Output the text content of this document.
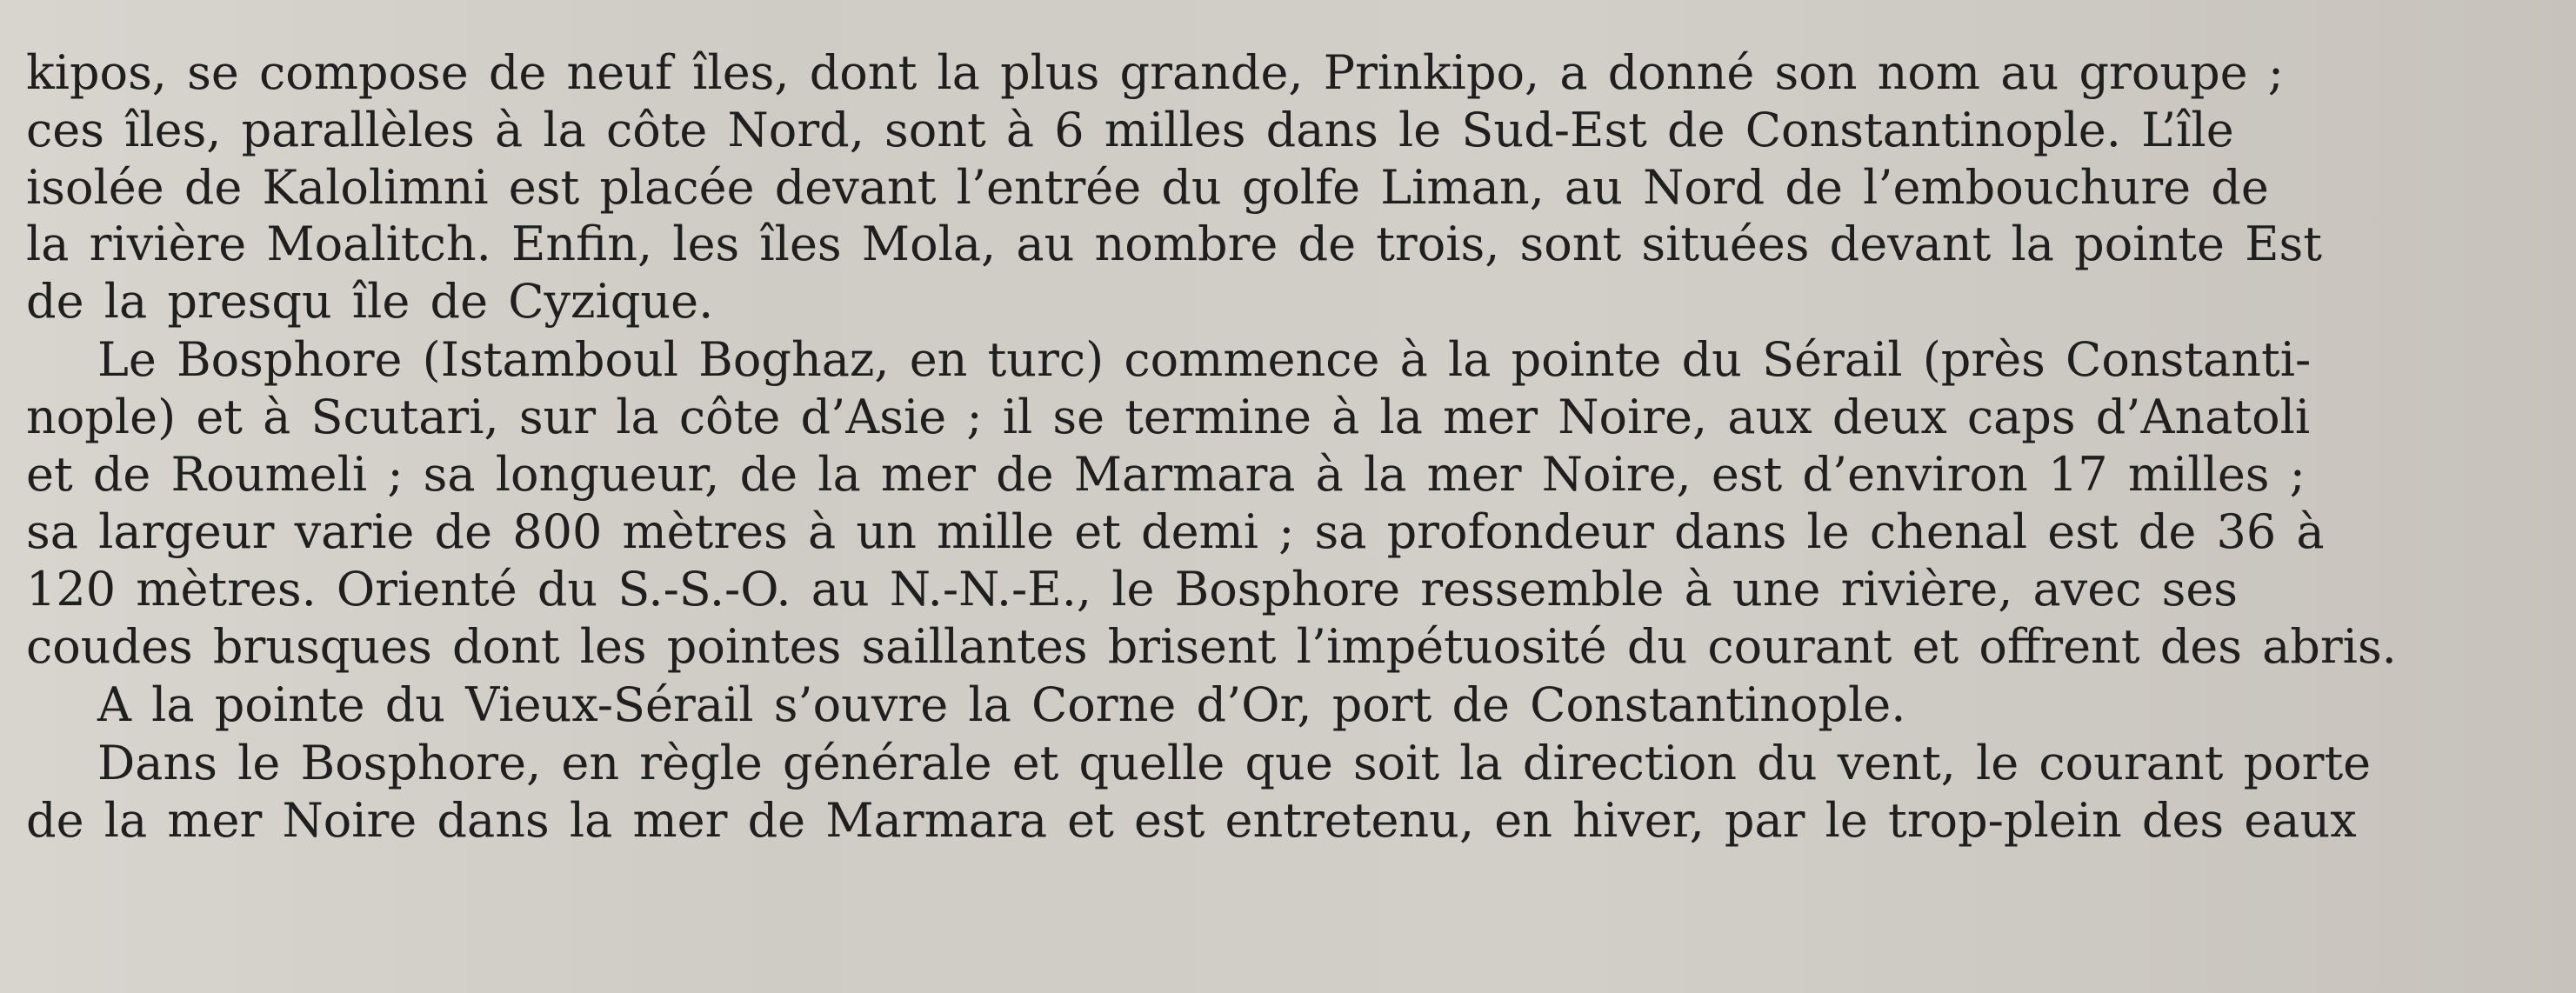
kipos, se compose de neuf îles, dont la plus grande, Prinkipo, a donné son nom au groupe ;
ces îles, parallèles à la côte Nord, sont à 6 milles dans le Sud-Est de Constantinople. L’île
isolée de Kalolimni est placée devant l’entrée du golfe Liman, au Nord de l’embouchure de
la rivière Moalitch. Enfin, les îles Mola, au nombre de trois, sont situées devant la pointe Est
de la presqu île de Cyzique.
Le Bosphore (Istamboul Boghaz, en turc) commence à la pointe du Sérail (près Constanti-
nople) et à Scutari, sur la côte d’Asie ; il se termine à la mer Noire, aux deux caps d’Anatoli
et de Roumeli ; sa longueur, de la mer de Marmara à la mer Noire, est d’environ 17 milles ;
sa largeur varie de 800 mètres à un mille et demi ; sa profondeur dans le chenal est de 36 à
120 mètres. Orienté du S.-S.-O. au N.-N.-E., le Bosphore ressemble à une rivière, avec ses
coudes brusques dont les pointes saillantes brisent l’impétuosité du courant et offrent des abris.
A la pointe du Vieux-Sérail s’ouvre la Corne d’Or, port de Constantinople.
Dans le Bosphore, en règle générale et quelle que soit la direction du vent, le courant porte
de la mer Noire dans la mer de Marmara et est entretenu, en hiver, par le trop-plein des eaux
